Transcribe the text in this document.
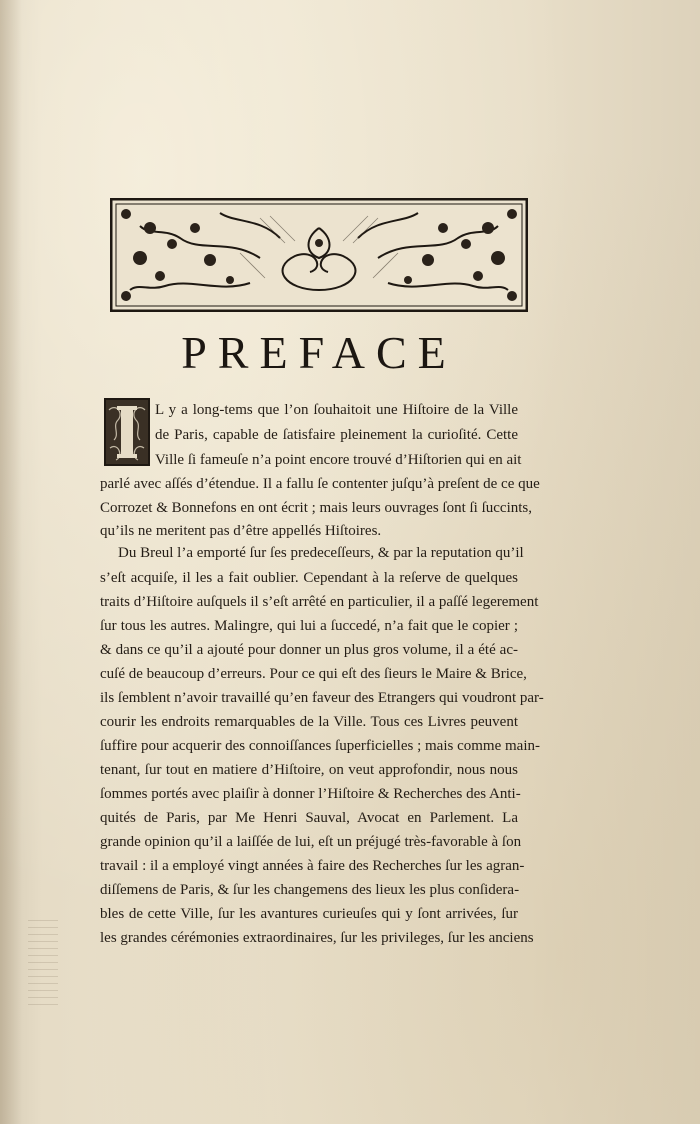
PREFACE

L y a long-tems que l’on ſouhaitoit une Hiſtoire de la Ville

de Paris, capable de ſatisfaire pleinement la curioſité. Cette

Ville ſi fameuſe n’a point encore trouvé d’Hiſtorien qui en ait

parlé avec aſſés d’étendue. Il a fallu ſe contenter juſqu’à preſent de ce que

Corrozet & Bonnefons en ont écrit ; mais leurs ouvrages ſont ſi ſuccints,

qu’ils ne meritent pas d’être appellés Hiſtoires.

Du Breul l’a emporté ſur ſes predeceſſeurs, & par la reputation qu’il

s’eſt acquiſe, il les a fait oublier. Cependant à la reſerve de quelques

traits d’Hiſtoire auſquels il s’eſt arrêté en particulier, il a paſſé legerement

ſur tous les autres. Malingre, qui lui a ſuccedé, n’a fait que le copier ;

& dans ce qu’il a ajouté pour donner un plus gros volume, il a été ac-

cuſé de beaucoup d’erreurs. Pour ce qui eſt des ſieurs le Maire & Brice,

ils ſemblent n’avoir travaillé qu’en faveur des Etrangers qui voudront par-

courir les endroits remarquables de la Ville. Tous ces Livres peuvent

ſuffire pour acquerir des connoiſſances ſuperficielles ; mais comme main-

tenant, ſur tout en matiere d’Hiſtoire, on veut approfondir, nous nous

ſommes portés avec plaiſir à donner l’Hiſtoire & Recherches des Anti-

quités de Paris, par Me Henri Sauval, Avocat en Parlement. La

grande opinion qu’il a laiſſée de lui, eſt un préjugé très-favorable à ſon

travail : il a employé vingt années à faire des Recherches ſur les agran-

diſſemens de Paris, & ſur les changemens des lieux les plus conſidera-

bles de cette Ville, ſur les avantures curieuſes qui y ſont arrivées, ſur

les grandes cérémonies extraordinaires, ſur les privileges, ſur les anciens
